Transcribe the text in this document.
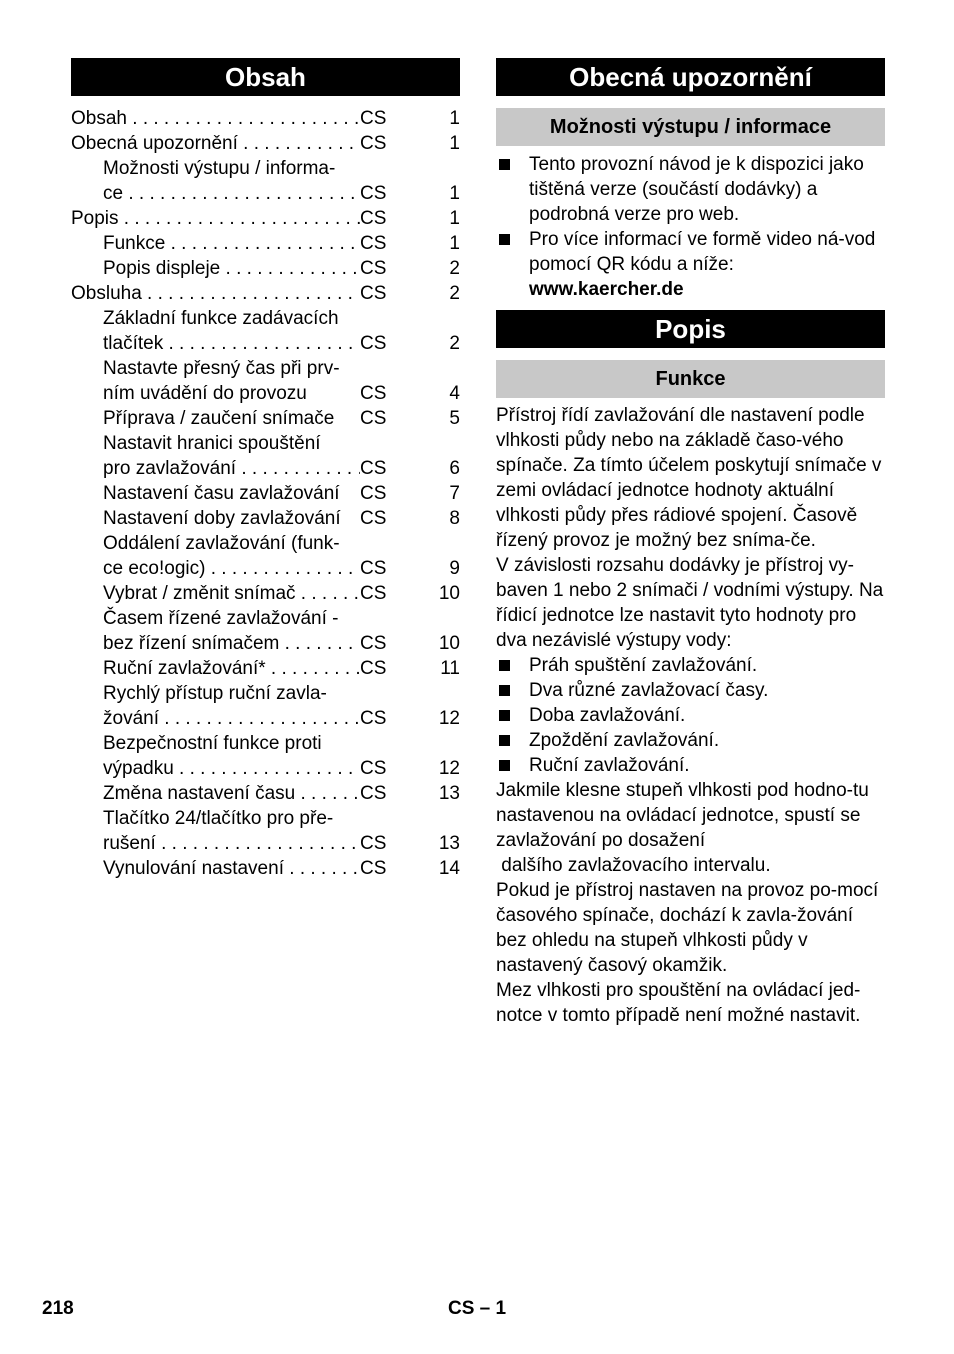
Obsah
Obsah . . .	CS	1
Obecná upozornění . . .	CS	1
Možnosti výstupu / informa-
ce . . .	CS	1
Popis . . .	CS	1
Funkce . . .	CS	1
Popis displeje . . .	CS	2
Obsluha . . .	CS	2
Základní funkce zadávacích
tlačítek . . .	CS	2
Nastavte přesný čas při prv-
ním uvádění do provozu	CS	4
Příprava / zaučení snímače	CS	5
Nastavit hranici spouštění
pro zavlažování . . .	CS	6
Nastavení času zavlažování	CS	7
Nastavení doby zavlažování	CS	8
Oddálení zavlažování (funk-
ce eco!ogic) . . .	CS	9
Vybrat / změnit snímač . . .	CS	10
Časem řízené zavlažování -
bez řízení snímačem . . .	CS	10
Ruční zavlažování* . . .	CS	11
Rychlý přístup ruční zavla-
žování . . .	CS	12
Bezpečnostní funkce proti
výpadku . . .	CS	12
Změna nastavení času . . .	CS	13
Tlačítko 24/tlačítko pro pře-
rušení . . .	CS	13
Vynulování nastavení . . .	CS	14
Obecná upozornění
Možnosti výstupu / informace
Tento provozní návod je k dispozici jako tištěná verze (součástí dodávky) a podrobná verze pro web.
Pro více informací ve formě video ná-vod pomocí QR kódu a níže:
www.kaercher.de
Popis
Funkce

Přístroj řídí zavlažování dle nastavení podle vlhkosti půdy nebo na základě časo-vého spínače. Za tímto účelem poskytují snímače v zemi ovládací jednotce hodnoty aktuální vlhkosti půdy přes rádiové spojení. Časově řízený provoz je možný bez sníma-če.

V závislosti rozsahu dodávky je přístroj vy-baven 1 nebo 2 snímači / vodními výstupy. Na řídicí jednotce lze nastavit tyto hodnoty pro dva nezávislé výstupy vody:

Práh spuštění zavlažování.
Dva různé zavlažovací časy.
Doba zavlažování.
Zpoždění zavlažování.
Ruční zavlažování.

Jakmile klesne stupeň vlhkosti pod hodno-tu nastavenou na ovládací jednotce, spustí se zavlažování po dosažení

dalšího zavlažovacího intervalu.

Pokud je přístroj nastaven na provoz po-mocí časového spínače, dochází k zavla-žování bez ohledu na stupeň vlhkosti půdy v nastavený časový okamžik.

Mez vlhkosti pro spouštění na ovládací jed-notce v tomto případě není možné nastavit.

218	CS – 1
